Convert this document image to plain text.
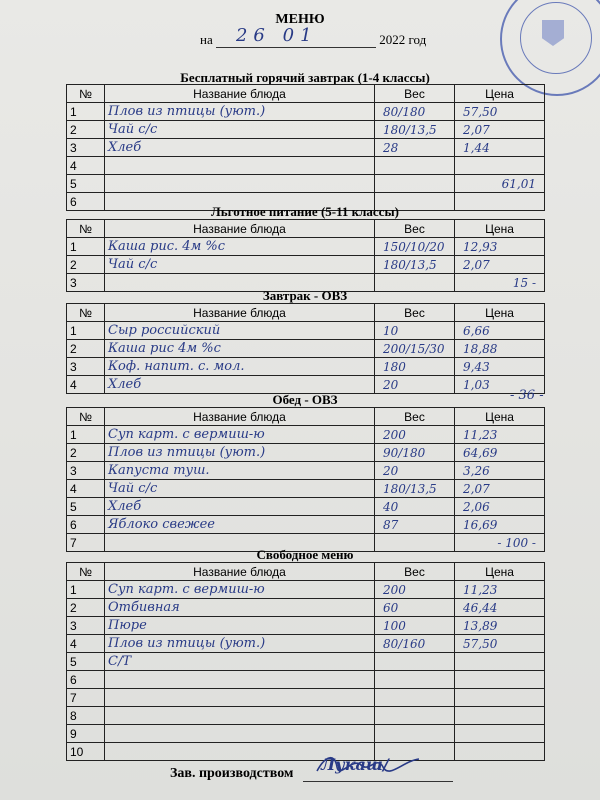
МЕНЮ
на 26 01	2022 год
Бесплатный горячий завтрак (1-4 классы)
№	Название блюда	Вес	Цена
1	Плов из птицы (уют.)	80/180	57,50
2	Чай с/с	180/13,5	2,07
3	Хлеб	28	1,44
4			
5			61,01
6			
Льготное питание (5-11 классы)
№	Название блюда	Вес	Цена
1	Каша рис. 4м %с	150/10/20	12,93
2	Чай с/с	180/13,5	2,07
3			15 -
Завтрак - ОВЗ
№	Название блюда	Вес	Цена
1	Сыр российский	10	6,66
2	Каша рис 4м %с	200/15/30	18,88
3	Коф. напит. с. мол.	180	9,43
4	Хлеб	20	1,03
- 36 -
Обед - ОВЗ
№	Название блюда	Вес	Цена
1	Суп карт. с вермиш-ю	200	11,23
2	Плов из птицы (уют.)	90/180	64,69
3	Капуста туш.	20	3,26
4	Чай с/с	180/13,5	2,07
5	Хлеб	40	2,06
6	Яблоко свежее	87	16,69
7			- 100 -
Свободное меню
№	Название блюда	Вес	Цена
1	Суп карт. с вермиш-ю	200	11,23
2	Отбивная	60	46,44
3	Пюре	100	13,89
4	Плов из птицы (уют.)	80/160	57,50
5	С/Т		
6			
7			
8			
9			
10			
Зав. производством Лукаш/
